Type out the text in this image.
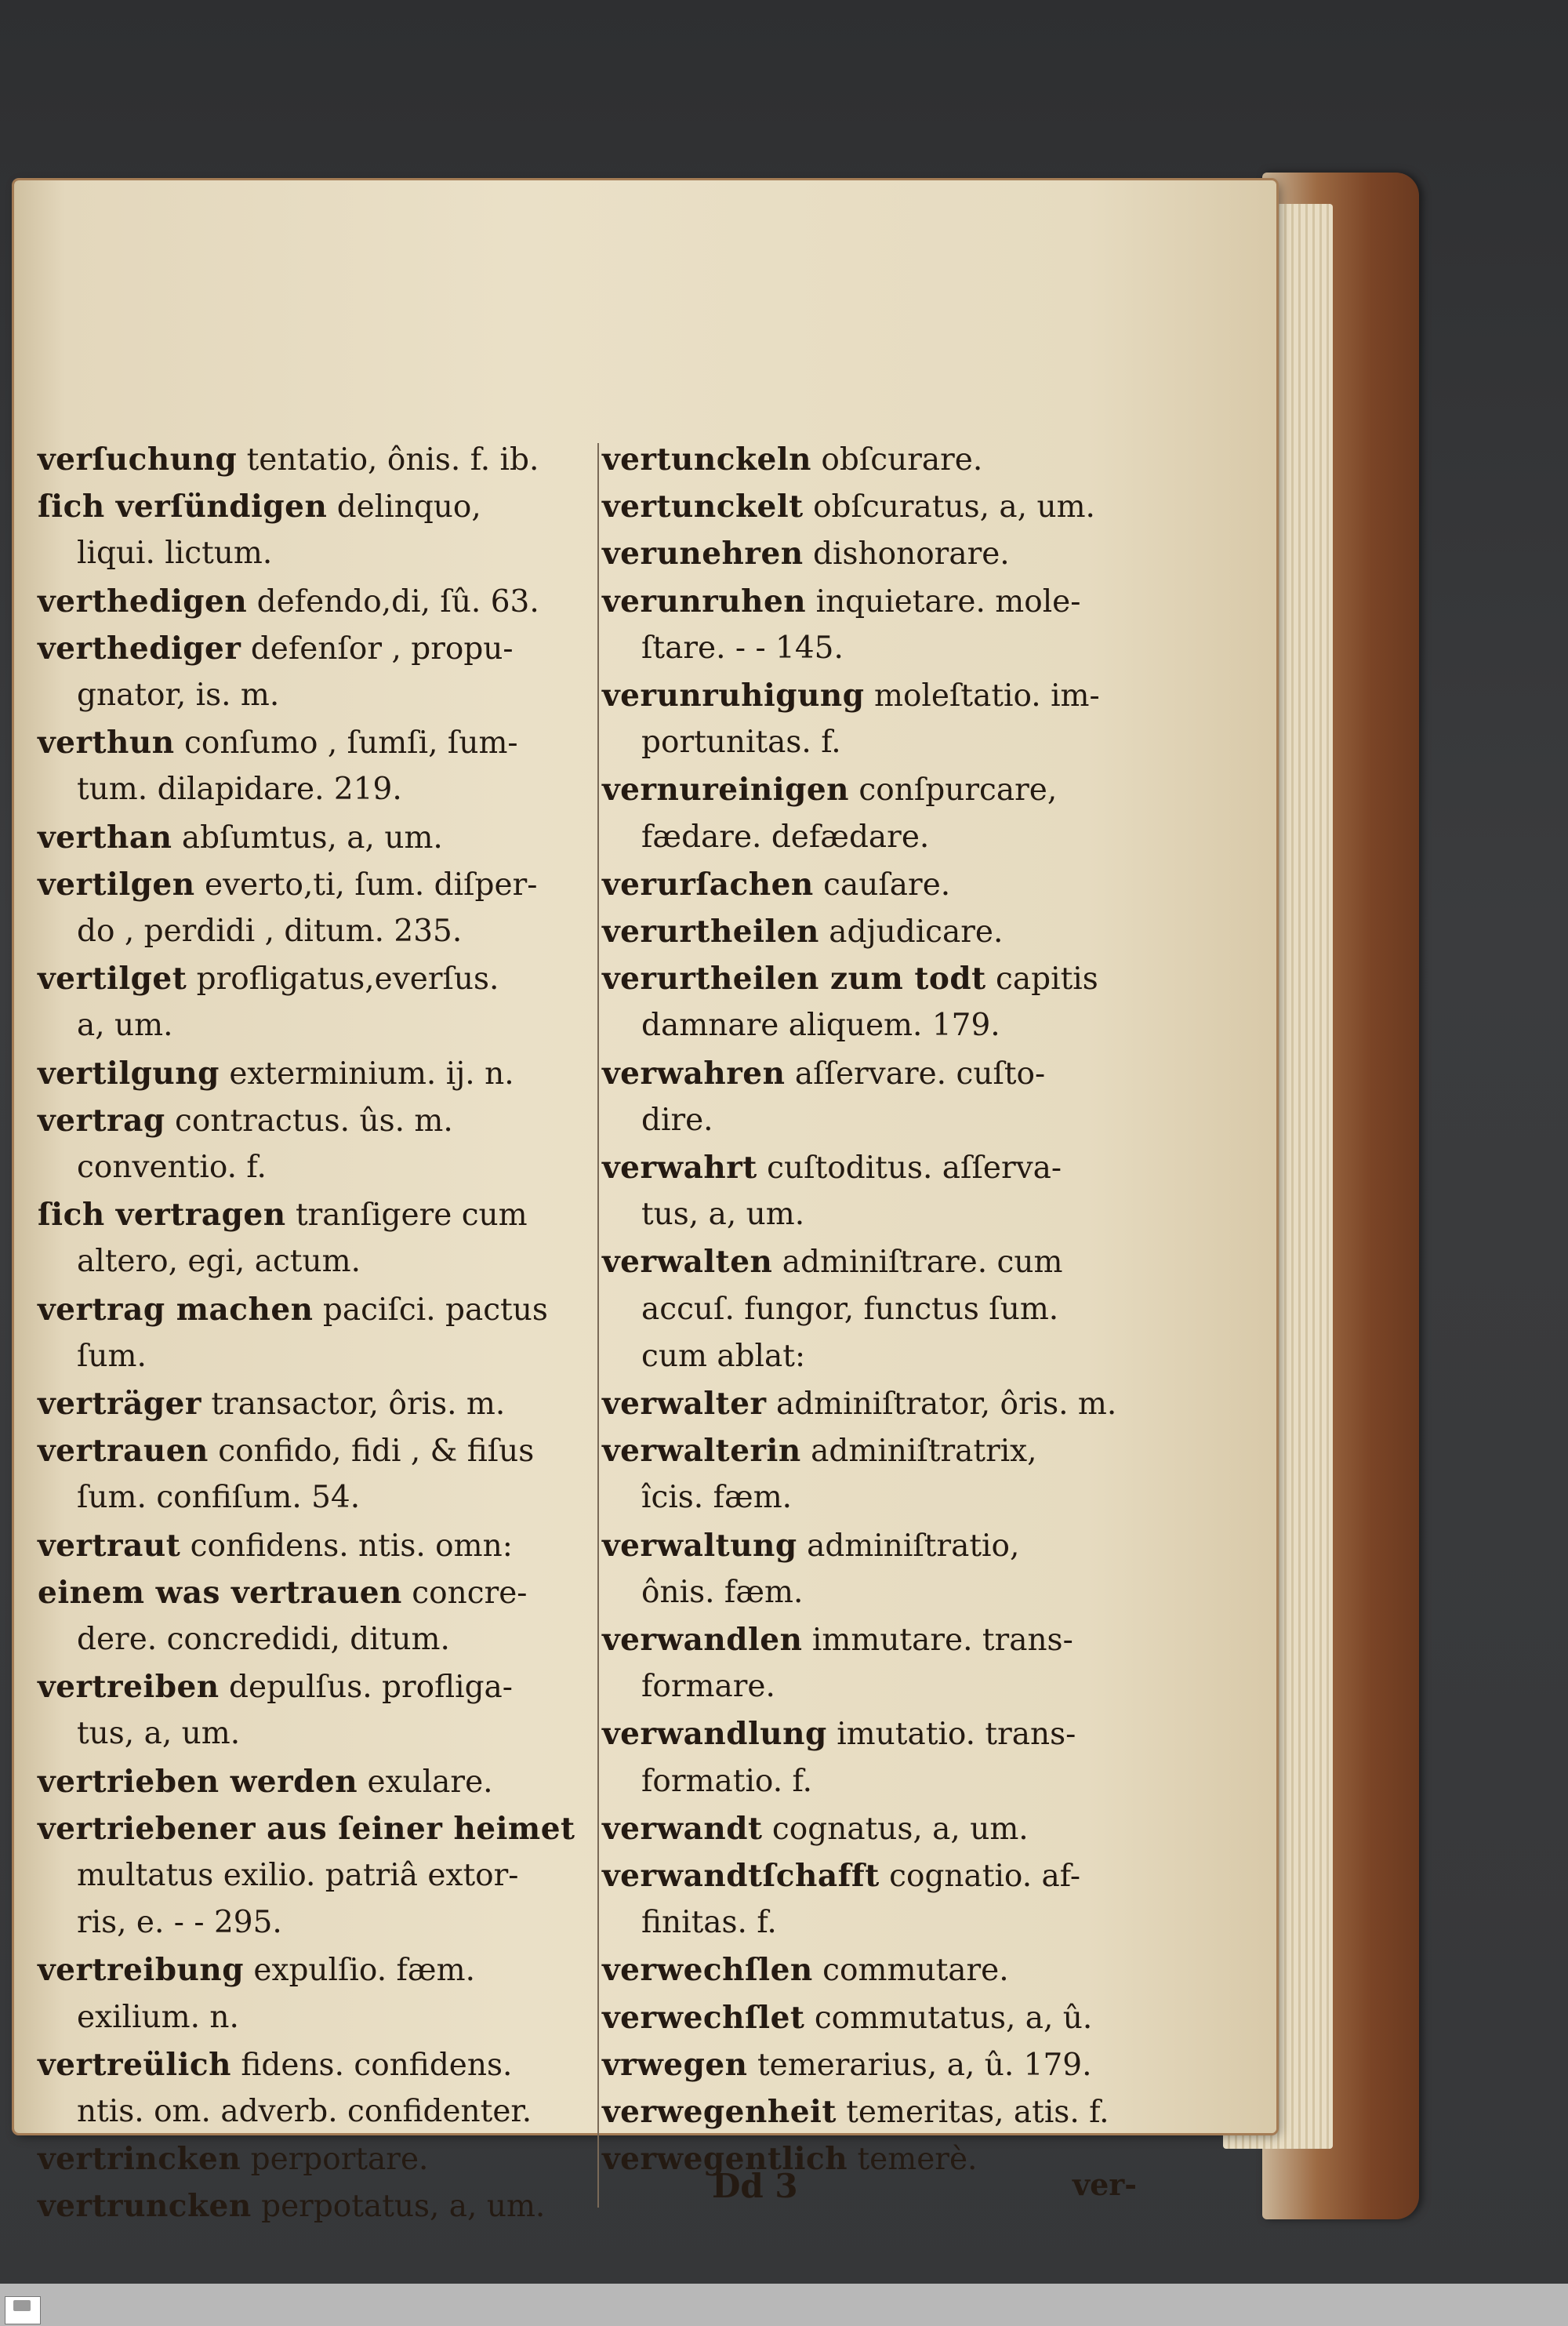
verſuchung tentatio, ônis. f. ib.
ſich verſündigen delinquo,
liqui. lictum.
verthedigen defendo,di, ſû. 63.
verthediger defenſor , propu-
gnator, is. m.
verthun conſumo , ſumſi, ſum-
tum. dilapidare. 219.
verthan abſumtus, a, um.
vertilgen everto,ti, ſum. diſper-
do , perdidi , ditum. 235.
vertilget profligatus,everſus.
a, um.
vertilgung exterminium. ij. n.
vertrag contractus. ûs. m.
conventio. f.
ſich vertragen tranſigere cum
altero, egi, actum.
vertrag machen paciſci. pactus
ſum.
verträger transactor, ôris. m.
vertrauen confido, fidi , & fiſus
ſum. confiſum. 54.
vertraut confidens. ntis. omn:
einem was vertrauen concre-
dere. concredidi, ditum.
vertreiben depulſus. profliga-
tus, a, um.
vertrieben werden exulare.
vertriebener aus ſeiner heimet
multatus exilio. patriâ extor-
ris, e. - - 295.
vertreibung expulſio. fæm.
exilium. n.
vertreülich fidens. confidens.
ntis. om. adverb. confidenter.
vertrincken perportare.
vertruncken perpotatus, a, um.
vertunckeln obſcurare.
vertunckelt obſcuratus, a, um.
verunehren dishonorare.
verunruhen inquietare. mole-
ſtare. - - 145.
verunruhigung moleſtatio. im-
portunitas. f.
vernureinigen conſpurcare,
fædare. defædare.
verurſachen cauſare.
verurtheilen adjudicare.
verurtheilen zum todt capitis
damnare aliquem. 179.
verwahren aſſervare. cuſto-
dire.
verwahrt cuſtoditus. aſſerva-
tus, a, um.
verwalten adminiſtrare. cum
accuſ. fungor, functus ſum.
cum ablat:
verwalter adminiſtrator, ôris. m.
verwalterin adminiſtratrix,
îcis. fæm.
verwaltung adminiſtratio,
ônis. fæm.
verwandlen immutare. trans-
formare.
verwandlung imutatio. trans-
formatio. f.
verwandt cognatus, a, um.
verwandtſchafft cognatio. af-
finitas. f.
verwechſlen commutare.
verwechſlet commutatus, a, û.
vrwegen temerarius, a, û. 179.
verwegenheit temeritas, atis. f.
verwegentlich temerè.
Dd 3	ver‑
